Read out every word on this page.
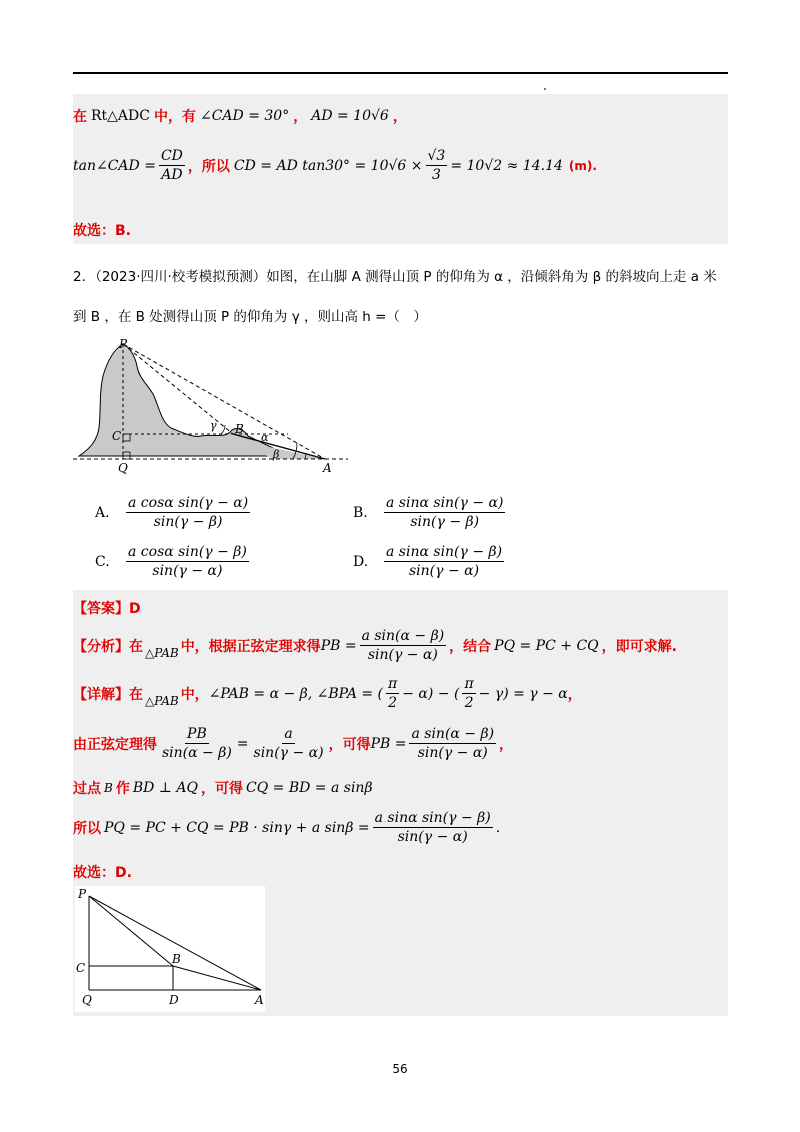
在 Rt△ADC 中，有 ∠CAD = 30° ， AD = 10√6 ，
tan∠CAD = $\frac{CD}{AD}$ ，所以 CD = AD $\tan 30^\circ = 10√6 \times \frac{√3}{3} = 10√2 \approx 14.14$ (m).
故选：B.
2．（2023·四川·校考模拟预测）如图，在山脚 A 测得山顶 P 的仰角为 α ，沿倾斜角为 β 的斜坡向上走 a 米
到 B ，在 B 处测得山顶 P 的仰角为 γ ，则山高 h =（　）
P
C
Q	A
B
α
β
γ
A.	$\frac{\text{a cosα sin(γ − α)}}{\sin(\gamma - \beta)}$	B.	$\frac{\text{a sinα sin(γ − α)}}{\sin(\gamma - \beta)}$
C.	$\frac{\text{a cosα sin(γ − β)}}{\sin(\gamma - \alpha)}$	D.	$\frac{\text{a sinα sin(γ − β)}}{\sin(\gamma - \alpha)}$
【答案】D
【分析】在 △PAB 中，根据正弦定理求得 PB = $\frac{\text{a sin(α − β)}}{\sin(\gamma - \alpha)}$ ，结合 PQ = PC + CQ ，即可求解.
【详解】在 △PAB 中， ∠PAB = α − β, ∠BPA = ( $\frac{\pi}{2} - \alpha$) − ( $\frac{\pi}{2} - \gamma) = \gamma - \alpha$ ，
由正弦定理得 $\frac{PB}{\sin(\alpha - \beta)} = \frac{a}{\sin(\gamma - \alpha)}$ ，可得 PB = $\frac{\text{a sin(α − β)}}{\sin(\gamma - \alpha)}$ ，
过点 B 作 BD ⊥ AQ ，可得 CQ = BD = a sinβ
所以 PQ = PC + CQ = PB · sinγ + a $\sin\beta = \frac{\text{a sinα sin(γ − β)}}{\sin(\gamma - \alpha)}$ .
故选：D.
P
C
Q
B
D	A
56
